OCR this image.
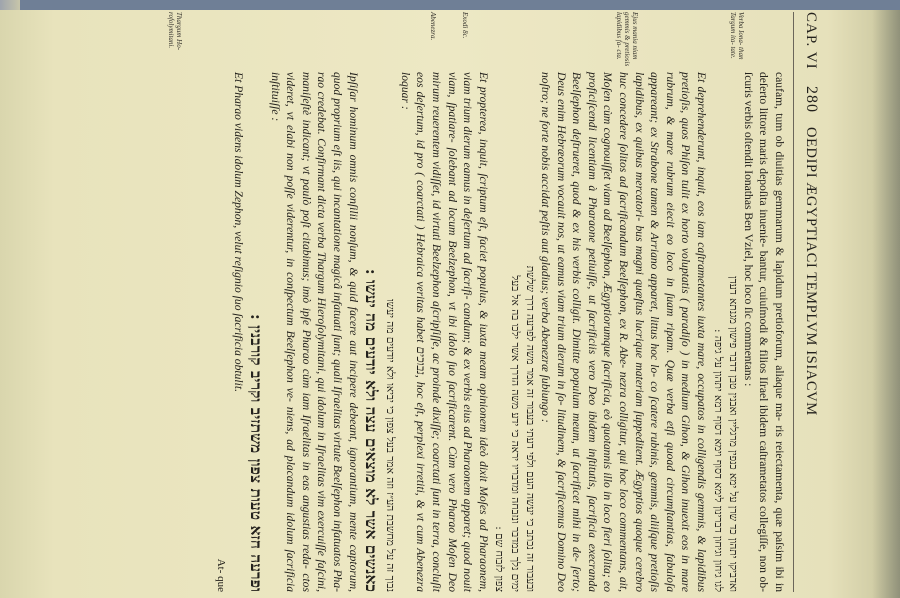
CAP. VI
280
OEDIPI ÆGYPTIACI TEMPLVM ISIACVM
Verba Iona- than Targum ita- tate.
Ejus mania niam gemmis & pretiosis lapidibus fa- cta.
Exodi 8c.
Abenezra.
Thargum Ho- rofolymitani.

caufam, tum ob diuitias gemmarum & lapidum pretioforum, aliaque ma- ris reiectamenta, quæ paſsim ibi in deſerto littore maris depoſita inuenie- bantur, cuiuſmodi & filios Iſrael ibidem caſtrametatos collegiſſe, non ob- ſcuris verbis oſtendit Ionathas Ben Vziel, hoc loco ſic commentans :

ואדביקו יתהון כד שרן על ימא כנפין מרגליין ואבנין טבן דדבר פישון מגנתא דעדן

לגו גיחון וגיחון דברינון לימא דסוף וימא דסוף רמא יתהון על גיפה :

Et deprehenderunt, inquit, eos iam caſtrametantes iuxta mare, occupatos in colligendis gemmis, & lapidibus pretioſis, quos Phiſon tulit ex horto voluptatis ( paradiſo ) in medium Gihon, & Gihon inuexit eos in mare rubrum, & mare rubrum eiecit eo loco in ſuam ripam. Quæ verba etſi quoad circumſtantias, fabuloſa appareant; ex Strabone tamen & Arriano apparet, littus hoc lo- co ſcatere rubinis, gemmis, aliiſque pretioſis lapidibus, ex quibus mercatori- bus magni quæſtus lucrique materiam ſuppeditent. Ægyptios quoque cerebro huc concedere ſolitos ad ſacrificandum Beelſephon, ex R. Abe- nezra colligitur, qui hoc loco commentans, ait, Moſen cùm cognouiſſet viam ad Beelſephon, Ægyptiorumque ſacrificia, eò quotannis illo in loco fieri ſolita; eo proficiſcendi licentiam à Pharaone petiuiſſe, ut ſacrificiis vero Deo ibidem inſtitutis, ſacrificia execranda Beelſephon deſtrueret, quod & ex his verbis colligit. Dimitte populum meum, ut ſacrificet mihi in de- ſerto; Deus enim Hebræorum vocauit nos, ut eamus viam trium dierum in ſo- litudinem, & ſacrificemus Domino Deo noſtro; ne forte nobis accidat peſtis aut gladius; verba Abenezræ ſubiungo :

ובעבור זה נכתב כי יעשה העם ולפי דעתי בעבור זה אמר משה לפרעה דרך שלשת

ימים נלך במדבר ונזבחה ומדבריו יראה כי ידע משה הדרך אשר ילכו בה אל בעל

צפון לזבוח שם :

Et propterea, inquit, ſcriptum eſt, faciet populus, & iuxta meam opinionem ideò dixit Moſes ad Pharaonem, viam trium dierum eamus in deſertum ad ſacrifi- candum; & ex verbis eius ad Pharaonem apparet; quod nouit viam, ſpatiare- ſolebant ad locum Beelzephon, vt ibi idolo ſuo ſacrificarent. Cùm vero Pharao Moſen Deo mirum reuerentem vidiſſet, id virtuti Beelzephon aſcripſiſſe, ac proinde dixiſſe; coarctati ſunt in terra, concluſit eos deſertum, id pro ( coarctati ) Hebraica veritas habet נבוכים, hoc eſt, perplexi irretiti, & vt cum Abenezra loquar :

נבוך זה על מחשבת הע״ז וזה אמר בעל צפון כי יביאו ולא יודעים מה יעשו

כאנשים אשר לא מוצאים עצה ולא יודעים מה יעשו :

Ipſiſar hominum omnis conſilii nonſum, & quid facere aut incipere debeant, ignorantium, mente captorum, quod proprium eſt iis, qui incantatione magicâ infatuati ſunt; quali Iſraelitas virtute Beelſephon infatuatos Pha- rao credebat. Confirmant dicta verba Thargum Hieroſolymitani, qui idolum in Iſraelitas vim exercuiſſe faſcini, maniſeſtè indicant; vt paulò poſt citabimus; imò ipſe Pharao cùm iam Iſraelitas in eas angustias reda- ctos videret, vt elabi non poſſe viderentur, in conſpectum Beelſephon ve- niens, ad placandum idolum ſacrificia inſtituiſſe :

ופרעה חזא טעות צפון משתזיב וקריב קורבנין :

Et Pharao videns idolum Zephon, velut reſignio ſuo ſacrificia obtulit.

At- que
